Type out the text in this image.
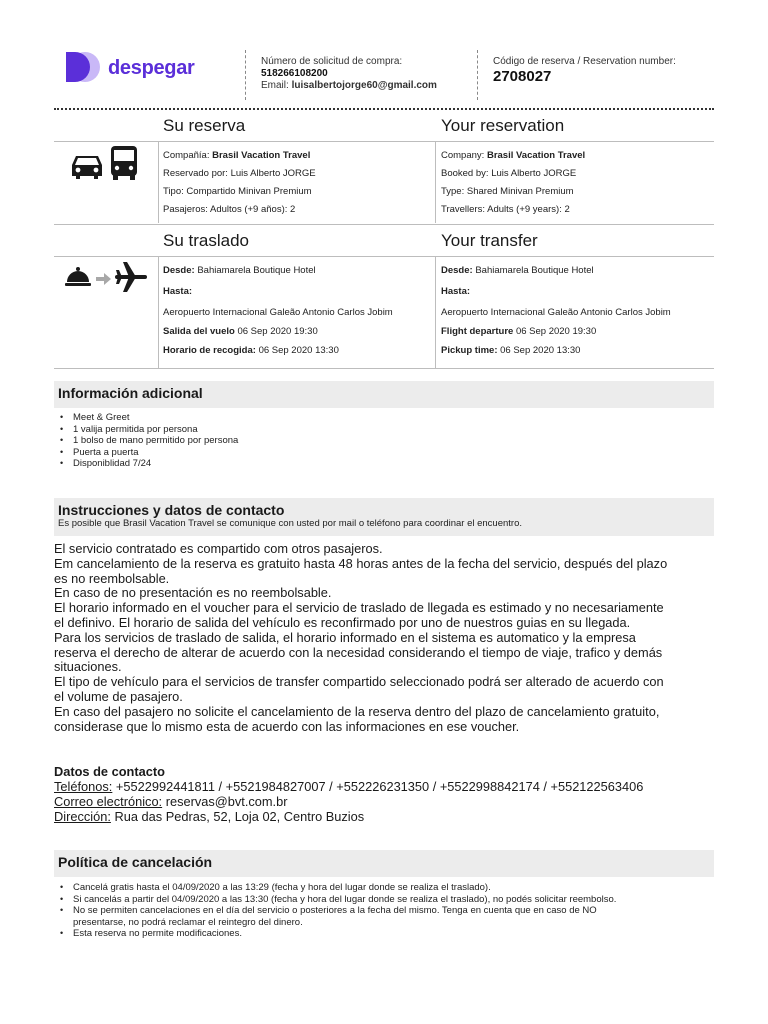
despegar	Número de solicitud de compra:
518266108200
Email: luisalbertojorge60@gmail.com
Código de reserva / Reservation number:
2708027
Su reserva	Your reservation
Compañía: Brasil Vacation Travel
Reservado por: Luis Alberto JORGE
Tipo: Compartido Minivan Premium
Pasajeros: Adultos (+9 años): 2
Company: Brasil Vacation Travel
Booked by: Luis Alberto JORGE
Type: Shared Minivan Premium
Travellers: Adults (+9 years): 2
Su traslado	Your transfer
Desde: Bahiamarela Boutique Hotel
Hasta:
Aeropuerto Internacional Galeão Antonio Carlos Jobim
Salida del vuelo 06 Sep 2020 19:30
Horario de recogida: 06 Sep 2020 13:30
Desde: Bahiamarela Boutique Hotel
Hasta:
Aeropuerto Internacional Galeão Antonio Carlos Jobim
Flight departure 06 Sep 2020 19:30
Pickup time: 06 Sep 2020 13:30
Información adicional
• Meet & Greet
• 1 valija permitida por persona
• 1 bolso de mano permitido por persona
• Puerta a puerta
• Disponiblidad 7/24
Instrucciones y datos de contacto
Es posible que Brasil Vacation Travel se comunique con usted por mail o teléfono para coordinar el encuentro.
El servicio contratado es compartido com otros pasajeros.
Em cancelamiento de la reserva es gratuito hasta 48 horas antes de la fecha del servicio, después del plazo
es no reembolsable.
En caso de no presentación es no reembolsable.
El horario informado en el voucher para el servicio de traslado de llegada es estimado y no necesariamente
el definivo. El horario de salida del vehículo es reconfirmado por uno de nuestros guias en su llegada.
Para los servicios de traslado de salida, el horario informado en el sistema es automatico y la empresa
reserva el derecho de alterar de acuerdo con la necesidad considerando el tiempo de viaje, trafico y demás
situaciones.
El tipo de vehículo para el servicios de transfer compartido seleccionado podrá ser alterado de acuerdo con
el volume de pasajero.
En caso del pasajero no solicite el cancelamiento de la reserva dentro del plazo de cancelamiento gratuito,
considerase que lo mismo esta de acuerdo con las informaciones en ese voucher.
Datos de contacto
Teléfonos: +5522992441811 / +5521984827007 / +552226231350 / +5522998842174 / +552122563406
Correo electrónico: reservas@bvt.com.br
Dirección: Rua das Pedras, 52, Loja 02, Centro Buzios
Política de cancelación
• Cancelá gratis hasta el 04/09/2020 a las 13:29 (fecha y hora del lugar donde se realiza el traslado).
• Si cancelás a partir del 04/09/2020 a las 13:30 (fecha y hora del lugar donde se realiza el traslado), no podés solicitar reembolso.
• No se permiten cancelaciones en el día del servicio o posteriores a la fecha del mismo. Tenga en cuenta que en caso de NO
presentarse, no podrá reclamar el reintegro del dinero.
• Esta reserva no permite modificaciones.
